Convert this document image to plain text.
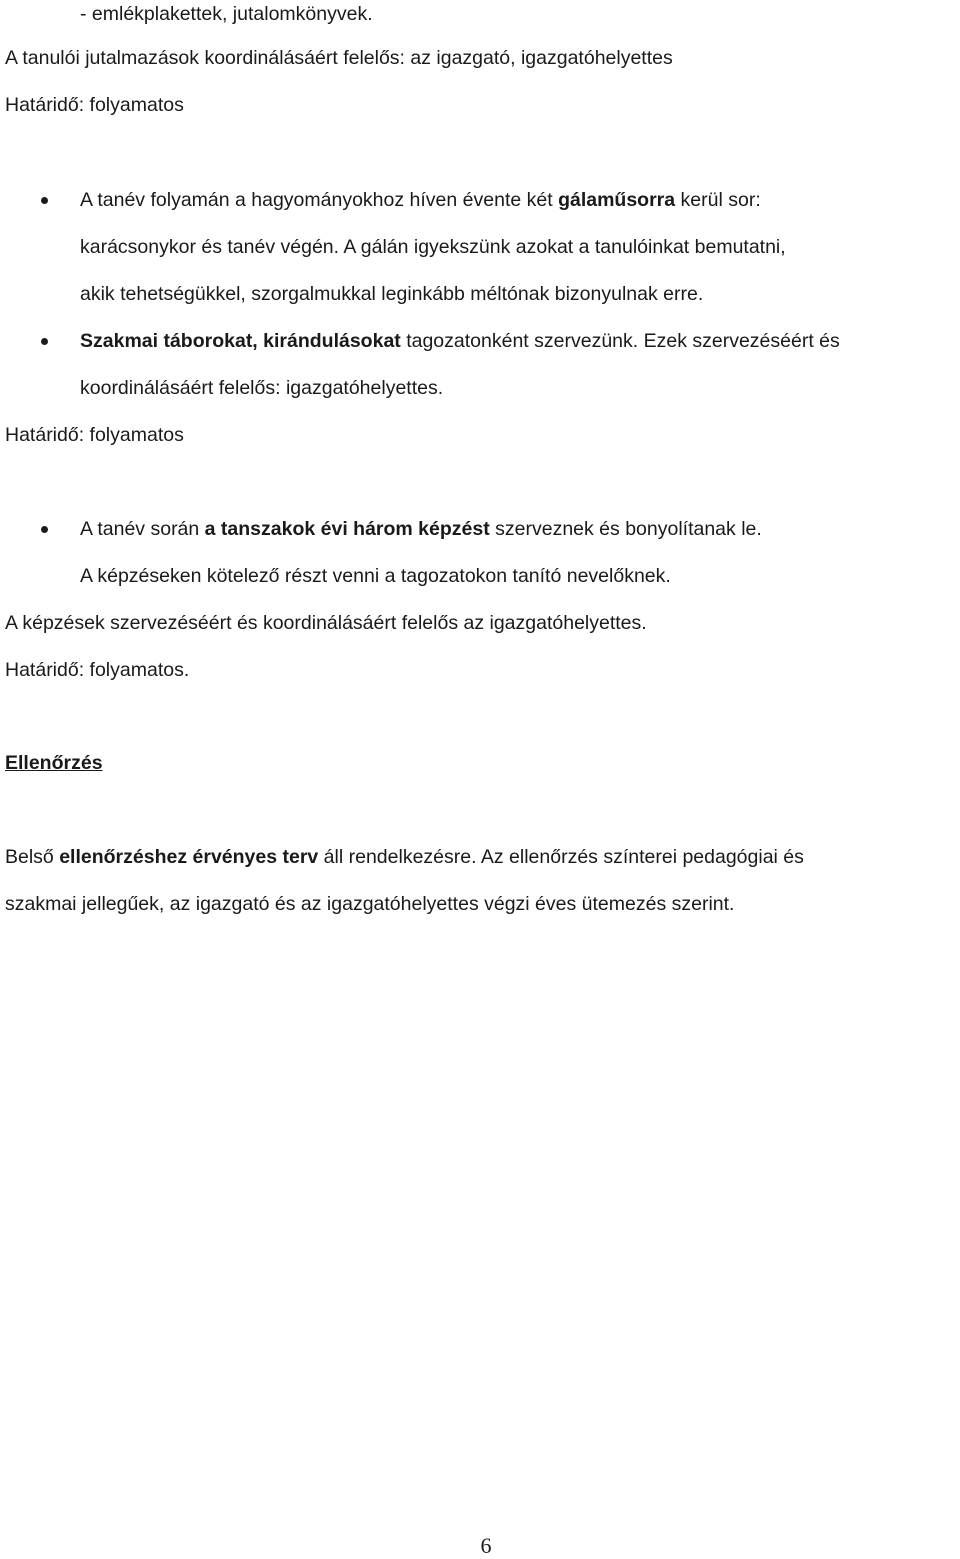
- emlékplakettek, jutalomkönyvek.
A tanulói jutalmazások koordinálásáért felelős: az igazgató, igazgatóhelyettes
Határidő: folyamatos
A tanév folyamán a hagyományokhoz híven évente két gálaműsorra kerül sor:
karácsonykor és tanév végén. A gálán igyekszünk azokat a tanulóinkat bemutatni,
akik tehetségükkel, szorgalmukkal leginkább méltónak bizonyulnak erre.
Szakmai táborokat, kirándulásokat tagozatonként szervezünk. Ezek szervezéséért és
koordinálásáért felelős: igazgatóhelyettes.
Határidő: folyamatos
A tanév során a tanszakok évi három képzést szerveznek és bonyolítanak le.
A képzéseken kötelező részt venni a tagozatokon tanító nevelőknek.
A képzések szervezéséért és koordinálásáért felelős az igazgatóhelyettes.
Határidő: folyamatos.
Ellenőrzés
Belső ellenőrzéshez érvényes terv áll rendelkezésre. Az ellenőrzés színterei pedagógiai és
szakmai jellegűek, az igazgató és az igazgatóhelyettes végzi éves ütemezés szerint.
6
